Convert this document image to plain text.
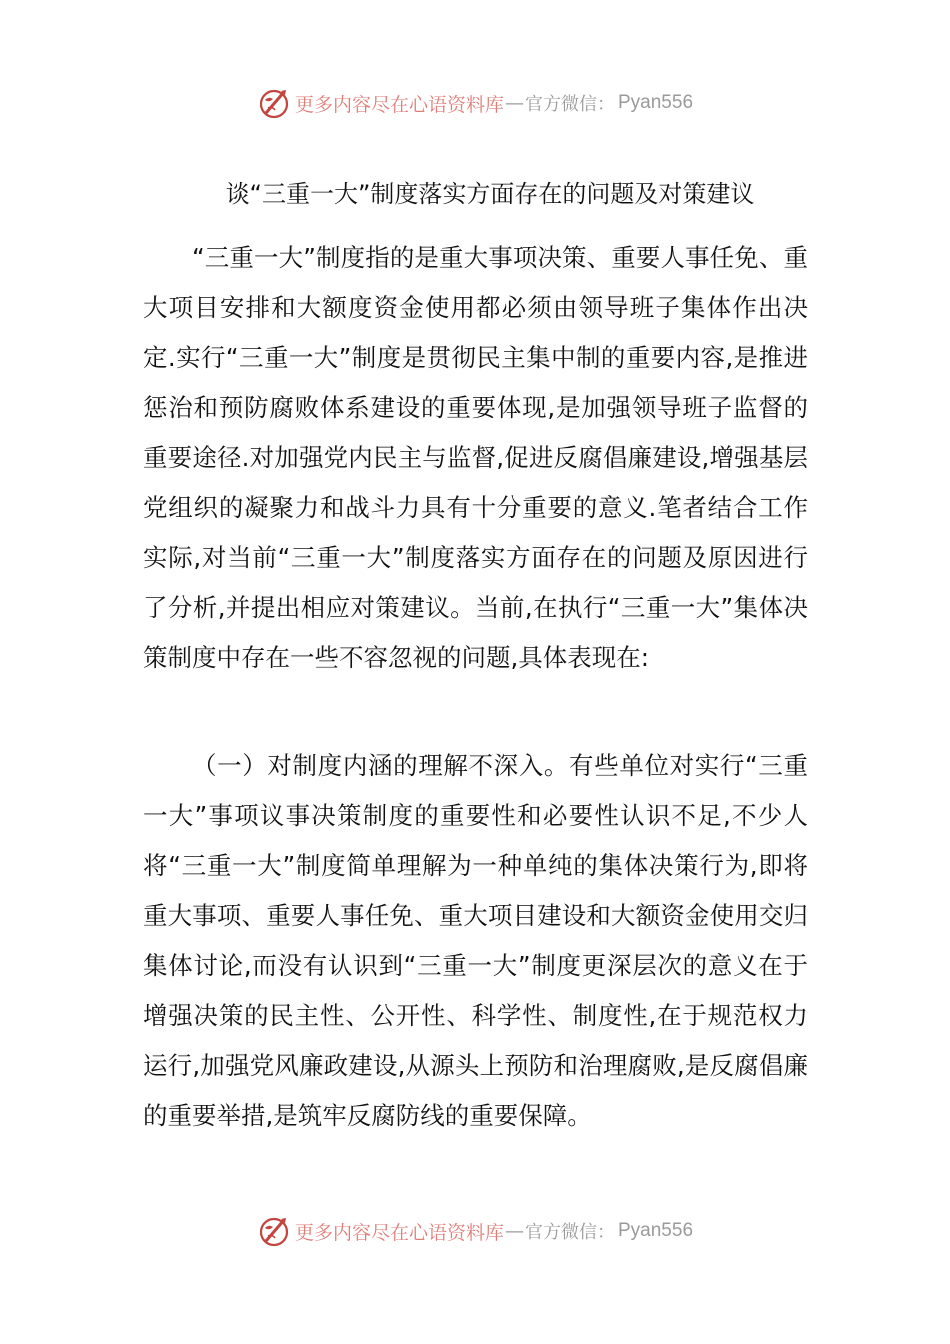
更多内容尽在心语资料库 — 官方微信： Pyan556
谈“三重一大”制度落实方面存在的问题及对策建议

“三重一大”制度指的是重大事项决策、重要人事任免、重大项目安排和大额度资金使用都必须由领导班子集体作出决定.实行“三重一大”制度是贯彻民主集中制的重要内容,是推进惩治和预防腐败体系建设的重要体现,是加强领导班子监督的重要途径.对加强党内民主与监督,促进反腐倡廉建设,增强基层党组织的凝聚力和战斗力具有十分重要的意义.笔者结合工作实际,对当前“三重一大”制度落实方面存在的问题及原因进行了分析,并提出相应对策建议。当前,在执行“三重一大”集体决策制度中存在一些不容忽视的问题,具体表现在:

（一）对制度内涵的理解不深入。有些单位对实行“三重一大”事项议事决策制度的重要性和必要性认识不足,不少人将“三重一大”制度简单理解为一种单纯的集体决策行为,即将重大事项、重要人事任免、重大项目建设和大额资金使用交归集体讨论,而没有认识到“三重一大”制度更深层次的意义在于增强决策的民主性、公开性、科学性、制度性,在于规范权力运行,加强党风廉政建设,从源头上预防和治理腐败,是反腐倡廉的重要举措,是筑牢反腐防线的重要保障。

更多内容尽在心语资料库 — 官方微信： Pyan556
